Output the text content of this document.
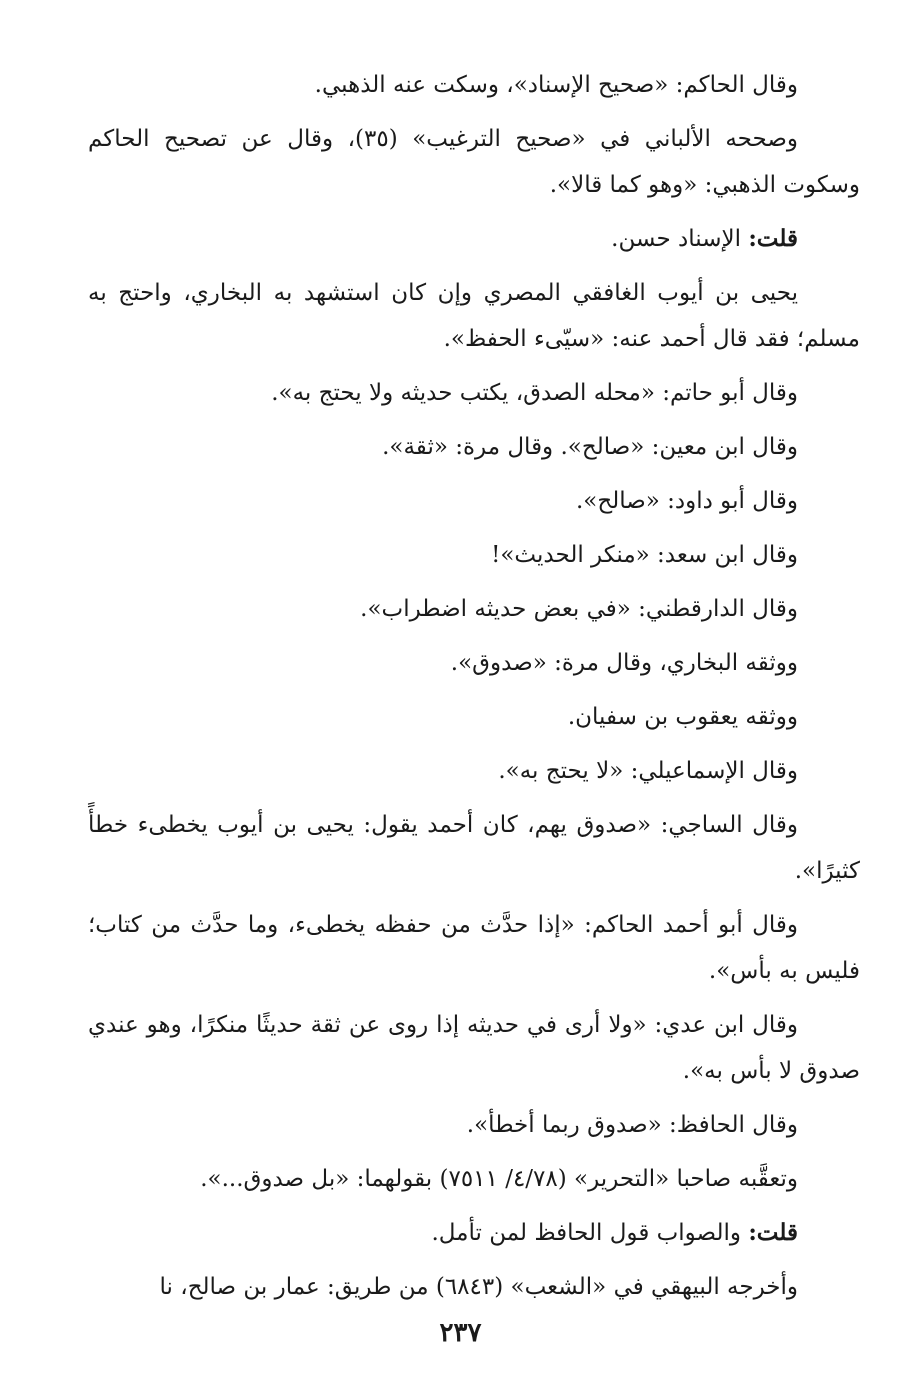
وقال الحاكم: «صحيح الإسناد»، وسكت عنه الذهبي.

وصححه الألباني في «صحيح الترغيب» (٣٥)، وقال عن تصحيح الحاكم وسكوت الذهبي: «وهو كما قالا».

قلت: الإسناد حسن.

يحيى بن أيوب الغافقي المصري وإن كان استشهد به البخاري، واحتج به مسلم؛ فقد قال أحمد عنه: «سيّىء الحفظ».

وقال أبو حاتم: «محله الصدق، يكتب حديثه ولا يحتج به».

وقال ابن معين: «صالح». وقال مرة: «ثقة».

وقال أبو داود: «صالح».

وقال ابن سعد: «منكر الحديث»!

وقال الدارقطني: «في بعض حديثه اضطراب».

ووثقه البخاري، وقال مرة: «صدوق».

ووثقه يعقوب بن سفيان.

وقال الإسماعيلي: «لا يحتج به».

وقال الساجي: «صدوق يهم، كان أحمد يقول: يحيى بن أيوب يخطىء خطأً كثيرًا».

وقال أبو أحمد الحاكم: «إذا حدَّث من حفظه يخطىء، وما حدَّث من كتاب؛ فليس به بأس».

وقال ابن عدي: «ولا أرى في حديثه إذا روى عن ثقة حديثًا منكرًا، وهو عندي صدوق لا بأس به».

وقال الحافظ: «صدوق ربما أخطأ».

وتعقَّبه صاحبا «التحرير» (٤/٧٨/ ٧٥١١) بقولهما: «بل صدوق...».

قلت: والصواب قول الحافظ لمن تأمل.

وأخرجه البيهقي في «الشعب» (٦٨٤٣) من طريق: عمار بن صالح، نا

٢٣٧
